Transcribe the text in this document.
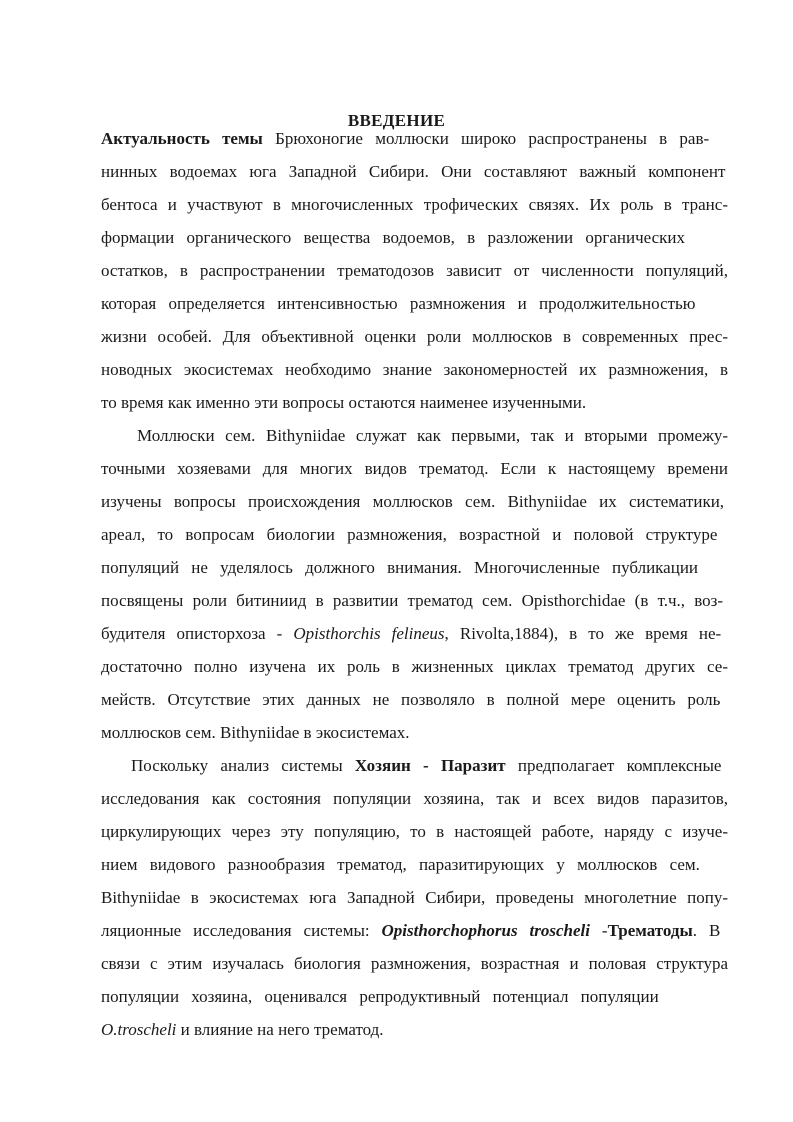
ВВЕДЕНИЕ
Актуальность темы Брюхоногие моллюски широко распространены в рав-
нинных водоемах юга Западной Сибири. Они составляют важный компонент
бентоса и участвуют в многочисленных трофических связях. Их роль в транс-
формации органического вещества водоемов, в разложении органических
остатков, в распространении трематодозов зависит от численности популяций,
которая определяется интенсивностью размножения и продолжительностью
жизни особей. Для объективной оценки роли моллюсков в современных прес-
новодных экосистемах необходимо знание закономерностей их размножения, в
то время как именно эти вопросы остаются наименее изученными.
Моллюски сем. Bithyniidae служат как первыми, так и вторыми промежу-
точными хозяевами для многих видов трематод. Если к настоящему времени
изучены вопросы происхождения моллюсков сем. Bithyniidae их систематики,
ареал, то вопросам биологии размножения, возрастной и половой структуре
популяций не уделялось должного внимания. Многочисленные публикации
посвящены роли битиниид в развитии трематод сем. Opisthorchidae (в т.ч., воз-
будителя описторхоза - Opisthorchis felineus, Rivolta,1884), в то же время не-
достаточно полно изучена их роль в жизненных циклах трематод других се-
мейств. Отсутствие этих данных не позволяло в полной мере оценить роль
моллюсков сем. Bithyniidae в экосистемах.
Поскольку анализ системы Хозяин - Паразит предполагает комплексные
исследования как состояния популяции хозяина, так и всех видов паразитов,
циркулирующих через эту популяцию, то в настоящей работе, наряду с изуче-
нием видового разнообразия трематод, паразитирующих у моллюсков сем.
Bithyniidae в экосистемах юга Западной Сибири, проведены многолетние попу-
ляционные исследования системы: Opisthorchophorus troscheli -Трематоды. В
связи с этим изучалась биология размножения, возрастная и половая структура
популяции хозяина, оценивался репродуктивный потенциал популяции
O.troscheli и влияние на него трематод.
